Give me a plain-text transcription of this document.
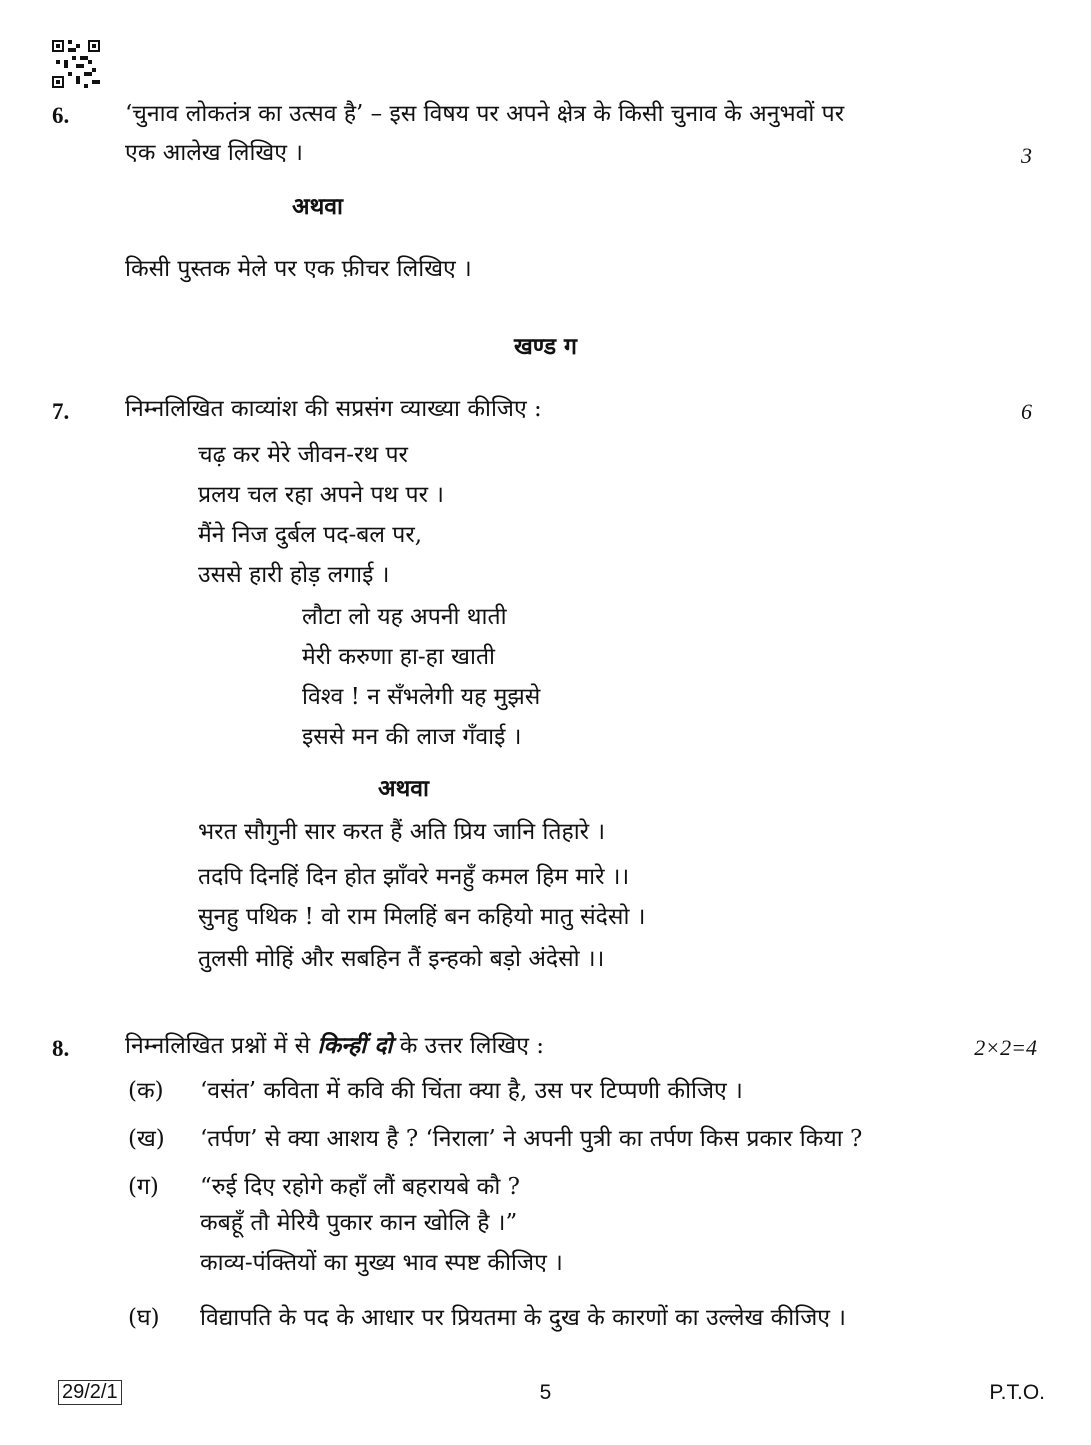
6. ‘चुनाव लोकतंत्र का उत्सव है’ – इस विषय पर अपने क्षेत्र के किसी चुनाव के अनुभवों पर
एक आलेख लिखिए ।	3
अथवा
किसी पुस्तक मेले पर एक फ़ीचर लिखिए ।
खण्ड ग
7. निम्नलिखित काव्यांश की सप्रसंग व्याख्या कीजिए :	6
चढ़ कर मेरे जीवन-रथ पर
प्रलय चल रहा अपने पथ पर ।
मैंने निज दुर्बल पद-बल पर,
उससे हारी होड़ लगाई ।
लौटा लो यह अपनी थाती
मेरी करुणा हा-हा खाती
विश्व ! न सँभलेगी यह मुझसे
इससे मन की लाज गँवाई ।
अथवा
भरत सौगुनी सार करत हैं अति प्रिय जानि तिहारे ।
तदपि दिनहिं दिन होत झाँवरे मनहुँ कमल हिम मारे ।।
सुनहु पथिक ! वो राम मिलहिं बन कहियो मातु संदेसो ।
तुलसी मोहिं और सबहिन तैं इन्हको बड़ो अंदेसो ।।
8. निम्नलिखित प्रश्नों में से किन्हीं दो के उत्तर लिखिए :	2×2=4
(क) ‘वसंत’ कविता में कवि की चिंता क्या है, उस पर टिप्पणी कीजिए ।
(ख) ‘तर्पण’ से क्या आशय है ? ‘निराला’ ने अपनी पुत्री का तर्पण किस प्रकार किया ?
(ग) “रुई दिए रहोगे कहाँ लौं बहरायबे कौ ?
कबहूँ तौ मेरियै पुकार कान खोलि है ।”
काव्य-पंक्तियों का मुख्य भाव स्पष्ट कीजिए ।
(घ) विद्यापति के पद के आधार पर प्रियतमा के दुख के कारणों का उल्लेख कीजिए ।
29/2/1	5	P.T.O.
